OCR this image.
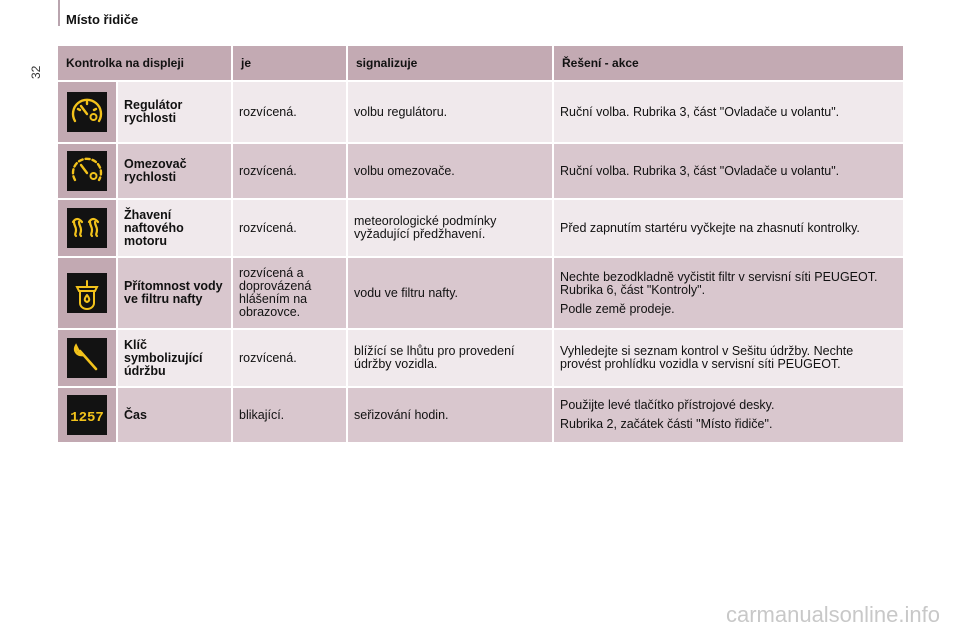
32
Místo řidiče
Kontrolka na displeji		je	signalizuje	Řešení - akce

	Regulátor rychlosti	rozvícená.	volbu regulátoru.	Ruční volba. Rubrika 3, část "Ovladače u volantu".

	Omezovač rychlosti	rozvícená.	volbu omezovače.	Ruční volba. Rubrika 3, část "Ovladače u volantu".

	Žhavení naftového motoru	rozvícená.	meteorologické podmínky vyžadující předžhavení.	Před zapnutím startéru vyčkejte na zhasnutí kontrolky.

	Přítomnost vody ve filtru nafty	rozvícená a doprovázená hlášením na obrazovce.	vodu ve filtru nafty.	Nechte bezodkladně vyčistit filtr v servisní síti PEUGEOT. Rubrika 6, část "Kontroly".

Podle země prodeje.

	Klíč symbolizující údržbu	rozvícená.	blížící se lhůtu pro provedení údržby vozidla.	Vyhledejte si seznam kontrol v Sešitu údržby. Nechte provést prohlídku vozidla v servisní síti PEUGEOT.

1257	Čas	blikající.	seřizování hodin.	Použijte levé tlačítko přístrojové desky.

Rubrika 2, začátek části "Místo řidiče".

carmanualsonline.info
